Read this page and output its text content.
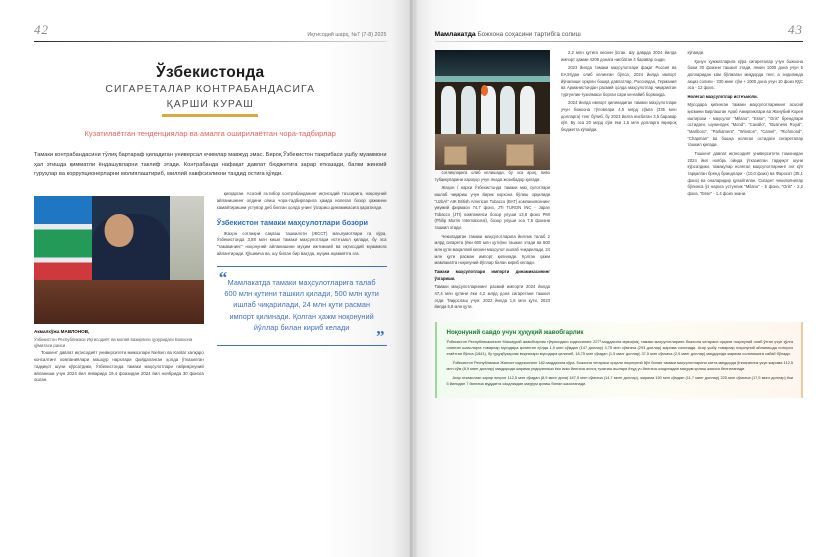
42	Иқтисодий шарҳ, №7 (7-8) 2025
Ўзбекистонда
СИГАРЕТАЛАР КОНТРАБАНДАСИГА
ҚАРШИ КУРАШ
Кузатилаётган тенденциялар ва амалга оширилаётган чора-тадбирлар
Тамаки контрабандасини тўлиқ бартараф қиладиган универсал ечимлар мавжуд эмас. Бироқ Ўзбекистон тажрибаси ушбу муаммони ҳал этишда қимматли ёндашувларни таклиф этади. Контрабанда нафақат давлат бюджетига зарар етказади, балки жиноий гуруҳлар ва коррупционерларни молиялаштириб, миллий хавфсизликни таҳдид остига қўяди.
Акмалхўжа МАВЛОНОВ,
Ўзбекистон Республикаси Иқтисодиёт ва молия вазирлиги ҳузуридаги Божхона қўмитаси раиси

Тошкент давлат иқтисодиёт университети мижозлари Nielsen ва Kantar халқаро консалтинг компаниялари машҳур нархлари фойдаланган ҳолда ўтказилган тадқиқот шуни кўрсатдики, Ўзбекистонда тамаки маҳсулотлари ғайриқонуний айланиши учун 2024 йил январида 19,4 фоизидан 2024 йил ноябрида 30 фоизга ошган.

қисқарган. Асосий эътибор контрабанданинг иқтисодий таъсирига, ноқонуний айланишнинг олдини олиш чора-тадбирларига ҳамда нолегал бозор ҳажмини камайтиришни устувор деб билган ҳолда унинг ўзгариш динамикасига қаратилди.

Ўзбекистон тамаки маҳсулотлари бозори

Жаҳон соғлиқни сақлаш ташкилоти (ЖССТ) маълумотлари га кўра, Ўзбекистонда 3,88 млн киши тамаки маҳсулотлари истеъмол қилади, бу эса "тамакининг" ноқонуний айланишини муҳим ижтимоий ва иқтисодий муаммога айлантиради. Қўшимча ва, шу билан бир вақтда, муҳим аҳамиятга эга.

“ Мамлакатда тамаки маҳсулотларига талаб 600 млн қутини ташкил қилади, 500 млн қути ишлаб чиқарилади, 24 млн қути расман импорт қилинади. Қолган ҳажм ноқонуний йўллар билан кириб келади	”
Мамлакатда Божхона соҳасини тартибга солиш	43

соғлиқларига олиб келишади, бу эса ароқ, пиво тубаккуларини хароқор учун янада жозибадор қилади.

Жаҳон / нархи Ўзбекистонда тамаки маҳ сулотлари ишлаб чиқариш учун йирик корхона бўлиш орқилиди "UzbAl" АЖ British American Tobacco (BAT) компаниясининг умумий фирмаси 74,7 фоиз, JTI TURON INC - Japan Tobacco (JTI) компанияси бозор улуши 13,8 фоиз PMI (Philip Morris International), бозор улуши эса 7,5 фоизни ташкил этади.

Чекиладиган тамаки маҳсулотларига йиллик талаб 2 млрд сигарета (ёки 600 млн қути)ни ташкил этади ва 500 млн қути маҳаллий кескин маҳсулот ишлаб чиқарилади, 24 млн қути расман импорт қилинади. Қолган ҳажм мамлакатга ноқонуний йўллар билан кириб келади.

Тамаки маҳсулотлари импорти динамикасининг ўзгариши.

Тамаки маҳсулотларининг расмий импорти 2024 йилда 47,4 млн қутини ёки 4,2 млрд дона сигаретани ташкил этди. Таққослаш учун: 2022 йилда 1,6 млн қути, 2023 йилда 5,8 млн қути.

2,2 млн қутига кескин ўсган. Шу даврда 2024 йилда импорт ҳажми 4209 донага нисбатан 4 баравар ошди.

2023 йилда тамаки маҳсулотлари фақат Россия ва ЕАЭҲдан олиб келинган бўлса, 2024 йилда импорт йўналиши орқали бошқа давлатлар, Россиядан, Германия ва Арманистондан расмий ҳолда маҳсулотлар чиқарилган турғунлик-тузилмаси борган сари кенгайиб бормоқда.

2024 йилда импорт қилинадиган тамаки маҳсулотлари учун божхона тўловлари 4,5 млрд сўмга (335 млн долларга) тенг бўлиб, бу 2023 йилга нисбатан 3,5 баравар кўп. Бу эса 20 млрд сўм ёки 1,5 млн долларга яқинроқ бюджетга кўпайди.

кўпаяди.

Қонун ҳужжатларига кўра сигареталар учун божхона божи 30 фоизни ташкил этади, лекин 1000 дона учун 5 долларидан кам бўлмаган миқдорда тенг, а эндиликда акциз солиғи - 330 минг сўм + 1000 дона учун 10 фоиз ҚҚС эса - 12 фоиз.

Нолегал маҳсулотлар истеъмоли.

Мусодара қилинган тамаки маҳсулотларининг асосий қисмини Бирлашган Араб Амирликлари ва Жанубий Корея иштироки - маҳсулот "Milano", "Esse", "Oris" брендлари остидаги, шунингдек "Mond", "Cavallo", "Business Royal", "Marlboro", "Parliament", "Winston", "Camel", "Richmond", "Chapman" ва бошқа нолегал остидаги сигареталар ташкил қилади.

Тошкент давлат иқтисодиёт университети томонидан 2024 йил ноябрь ойида ўтказилган тадқиқот шуни кўрсатдики, тамакулар нолегал маҳсулотларнинг энг кўп тарқалган бренд брандлари - (10,0 фоиз) ва Фаросат (35,1 фоиз) ва оналаридир қулайтилан. Сигарет чекиловчилар бўлинса ўз нархга устунлик "Milano" - 5 фоиз, "Oris" - 2,2 фоиз, "Esse" - 1,4 фоиз экани.

Ноқонуний савдо учун ҳуқуқий жавобгарлик

Ўзбекистон Республикасининг Маъмурий жавобгарлик тўғрисидаги кодексининг 227³-моддасига мувофиқ, тамаки маҳсулотларини божхона чегараси орқали ноқонуний олиб ўтган учун қўлга олинган шахсларга товарлар мусодара қилинган ҳолда 1,9 млн сўмдан (147 доллар) 3,75 млн сўмгача (293 доллар) жарима солинади. Агар ушбу товарлар ноқонуний айланишда нотирол этаётган бўлса (1841), бу ҳуқуқбузарлик воқеалари мусодара қилиниб, 18,75 млн сўмдан (1,5 минг доллар) 37,5 млн сўмгача (2,9 минг доллар) миқдорида жарима солинишига сабаб бўлади.

Ўзбекистон Республикаси Жиноят кодексининг 182-моддасига кўра, божхона чегараси орқали ноқонуний йўл билан тамаки маҳсулотларини катта миқдорда ўтказганлик учун жарима 112,5 млн сўм (8,9 минг доллар) миқдорида жарима ундирилиши ёки икки йилгача ахлоқ тузатиш ишлари ёхуд уч йилгача озодликдан маҳрум қилиш жазоси белгиланади.

Агар этказилган зарар ниҳоят 112,5 млн сўмдан (8,9 минг дона) 187,5 млн сўмгача (14,7 минг доллар), жарима 150 млн сўмдан (11,7 минг доллар) 225 млн сўмгача (17,5 минг доллар) ёки 5 йилидан 7 йилгача муддатга озодликдан маҳрум қилиш билан жазоланади.
